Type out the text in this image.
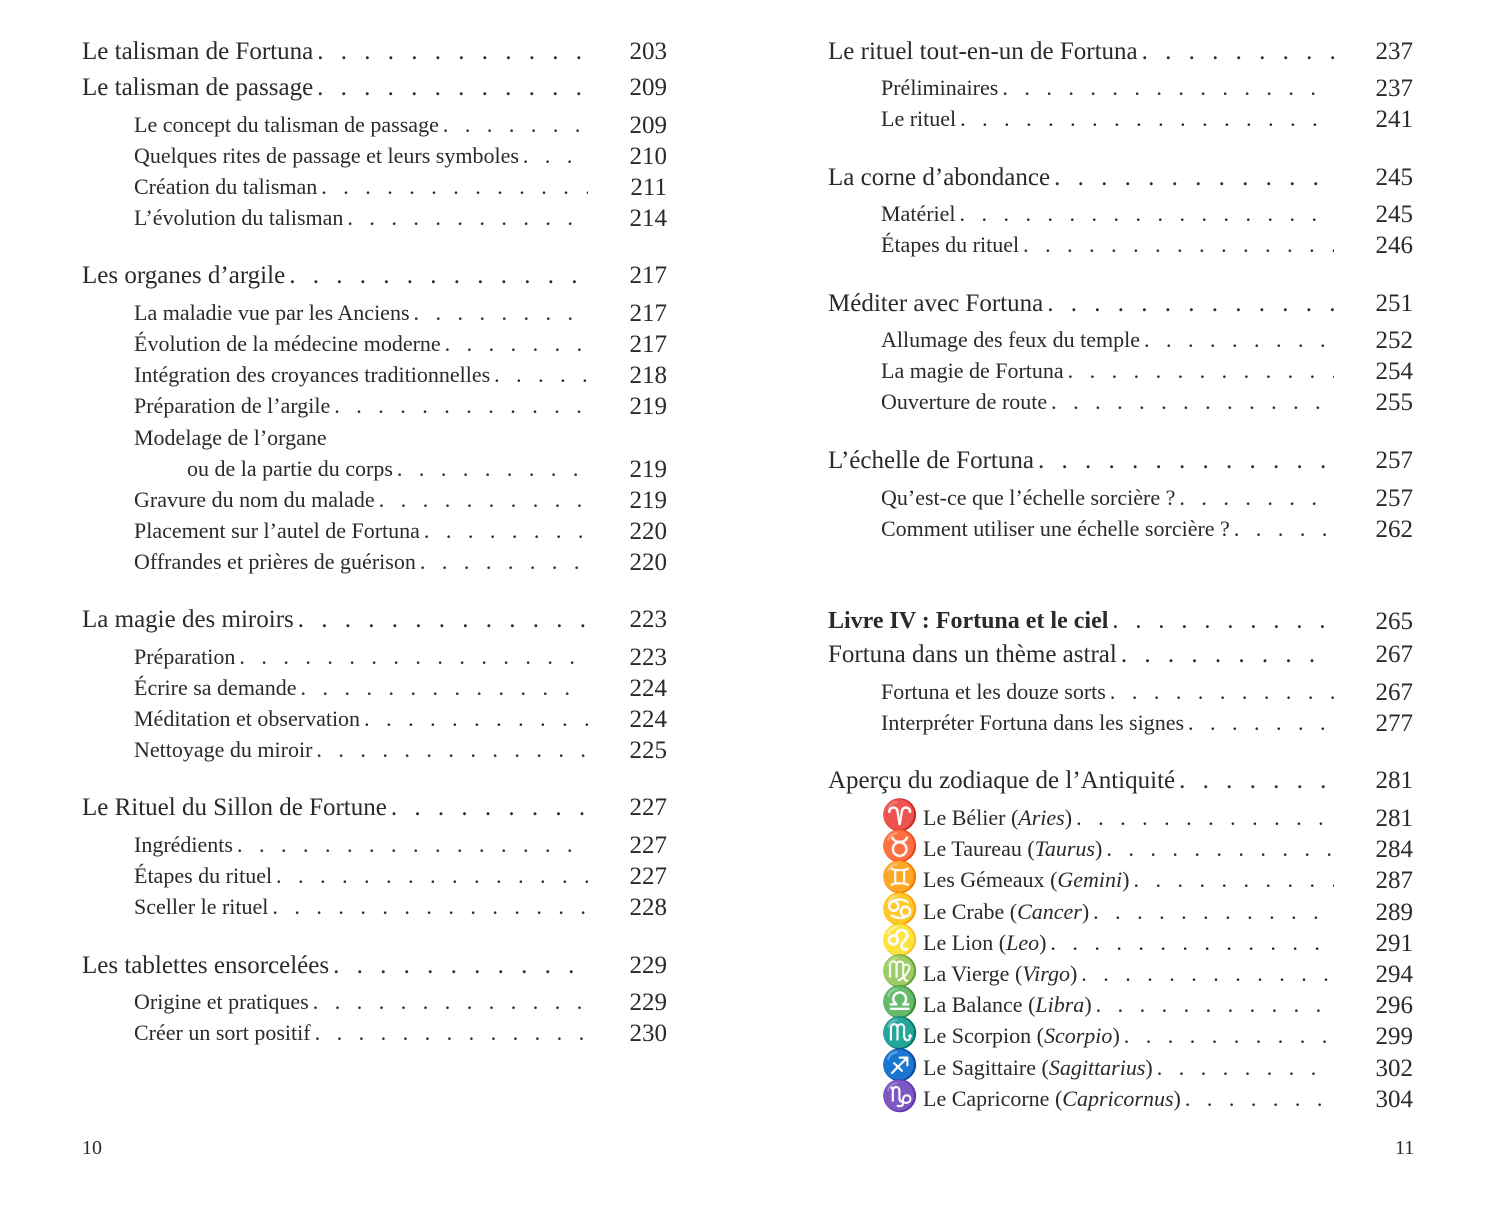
Le talisman de Fortuna . . .	203
Le talisman de passage . . .	209
Le concept du talisman de passage . . .	209
Quelques rites de passage et leurs symboles . . .	210
Création du talisman . . .	211
L’évolution du talisman . . .	214
Les organes d’argile . . .	217
La maladie vue par les Anciens . . .	217
Évolution de la médecine moderne . . .	217
Intégration des croyances traditionnelles . . .	218
Préparation de l’argile . . .	219
Modelage de l’organe
ou de la partie du corps . . .	219
Gravure du nom du malade . . .	219
Placement sur l’autel de Fortuna . . .	220
Offrandes et prières de guérison . . .	220
La magie des miroirs . . .	223
Préparation . . .	223
Écrire sa demande . . .	224
Méditation et observation . . .	224
Nettoyage du miroir . . .	225
Le Rituel du Sillon de Fortune . . .	227
Ingrédients . . .	227
Étapes du rituel . . .	227
Sceller le rituel . . .	228
Les tablettes ensorcelées . . .	229
Origine et pratiques . . .	229
Créer un sort positif . . .	230
10
Le rituel tout-en-un de Fortuna . . .	237
Préliminaires . . .	237
Le rituel . . .	241
La corne d’abondance . . .	245
Matériel . . .	245
Étapes du rituel . . .	246
Méditer avec Fortuna . . .	251
Allumage des feux du temple . . .	252
La magie de Fortuna . . .	254
Ouverture de route . . .	255
L’échelle de Fortuna . . .	257
Qu’est-ce que l’échelle sorcière ? . . .	257
Comment utiliser une échelle sorcière ? . . .	262
Livre IV : Fortuna et le ciel . . .	265
Fortuna dans un thème astral . . .	267
Fortuna et les douze sorts . . .	267
Interpréter Fortuna dans les signes . . .	277
Aperçu du zodiaque de l’Antiquité . . .	281
♈ Le Bélier (Aries) . . .	281
♉ Le Taureau (Taurus) . . .	284
♊ Les Gémeaux (Gemini) . . .	287
♋ Le Crabe (Cancer) . . .	289
♌ Le Lion (Leo) . . .	291
♍ La Vierge (Virgo) . . .	294
♎ La Balance (Libra) . . .	296
♏ Le Scorpion (Scorpio) . . .	299
♐ Le Sagittaire (Sagittarius) . . .	302
♑ Le Capricorne (Capricornus) . . .	304
11
